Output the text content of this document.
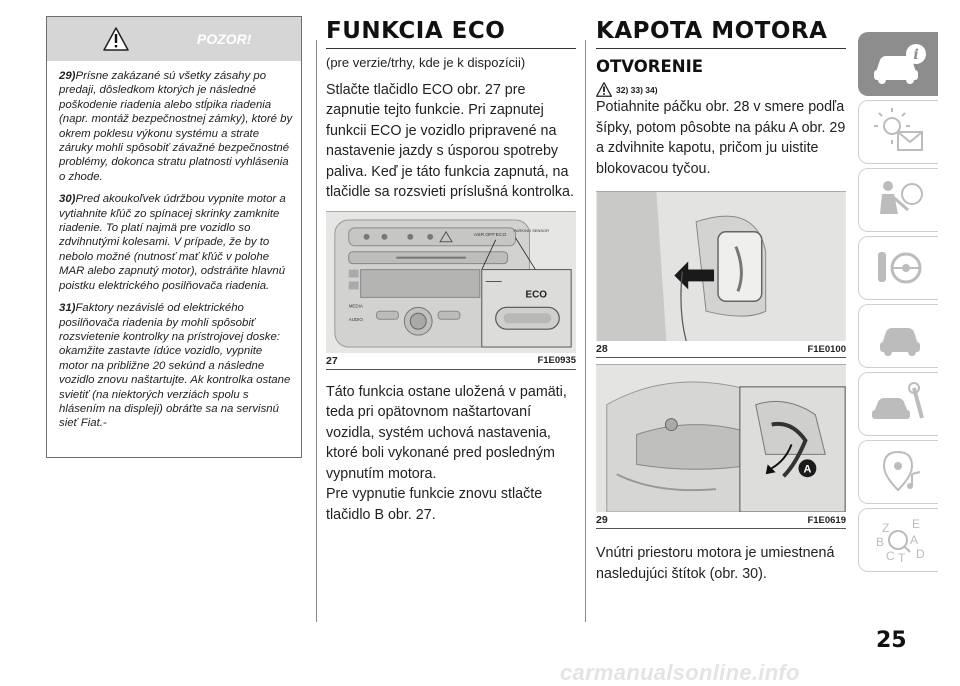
POZOR!

29)Prísne zakázané sú všetky zásahy po predaji, dôsledkom ktorých je následné poškodenie riadenia alebo stĺpika riadenia (napr. montáž bezpečnostnej zámky), ktoré by okrem poklesu výkonu systému a strate záruky mohli spôsobiť závažné bezpečnostné problémy, dokonca stratu platnosti vyhlásenia o zhode.

30)Pred akoukoľvek údržbou vypnite motor a vytiahnite kľúč zo spínacej skrinky zamknite riadenie. To platí najmä pre vozidlo so zdvihnutými kolesami. V prípade, že by to nebolo možné (nutnosť mať kľúč v polohe MAR alebo zapnutý motor), odstráňte hlavnú poistku elektrického posilňovača riadenia.

31)Faktory nezávislé od elektrického posilňovača riadenia by mohli spôsobiť rozsvietenie kontrolky na prístrojovej doske: okamžite zastavte ídúce vozidlo, vypnite motor na približne 20 sekúnd a následne vozidlo znovu naštartujte. Ak kontrolka ostane svietiť (na niektorých verziách spolu s hlásením na displeji) obráťte sa na servisnú sieť Fiat.-

FUNKCIA ECO
(pre verzie/trhy, kde je k dispozícii)
Stlačte tlačidlo ECO obr. 27 pre zapnutie tejto funkcie. Pri zapnutej funkcii ECO je vozidlo pripravené na nastavenie jazdy s úsporou spotreby paliva. Keď je táto funkcia zapnutá, na tlačidle sa rozsvieti príslušná kontrolka.
ASR OFF ECO
PARKING SENSOR
MEDIA
AUDIO
ECO
27	F1E0935
Táto funkcia ostane uložená v pamäti, teda pri opätovnom naštartovaní vozidla, systém uchová nastavenia, ktoré boli vykonané pred posledným vypnutím motora.
Pre vypnutie funkcie znovu stlačte tlačidlo B obr. 27.
KAPOTA MOTORA
OTVORENIE
32) 33) 34)
Potiahnite páčku obr. 28 v smere podľa šípky, potom pôsobte na páku A obr. 29 a zdvihnite kapotu, pričom ju uistite blokovacou tyčou.
28	F1E0100
A
29	F1E0619
Vnútri priestoru motora je umiestnená nasledujúci štítok (obr. 30).
i
Z E
A
B
C T D
25
carmanualsonline.info
